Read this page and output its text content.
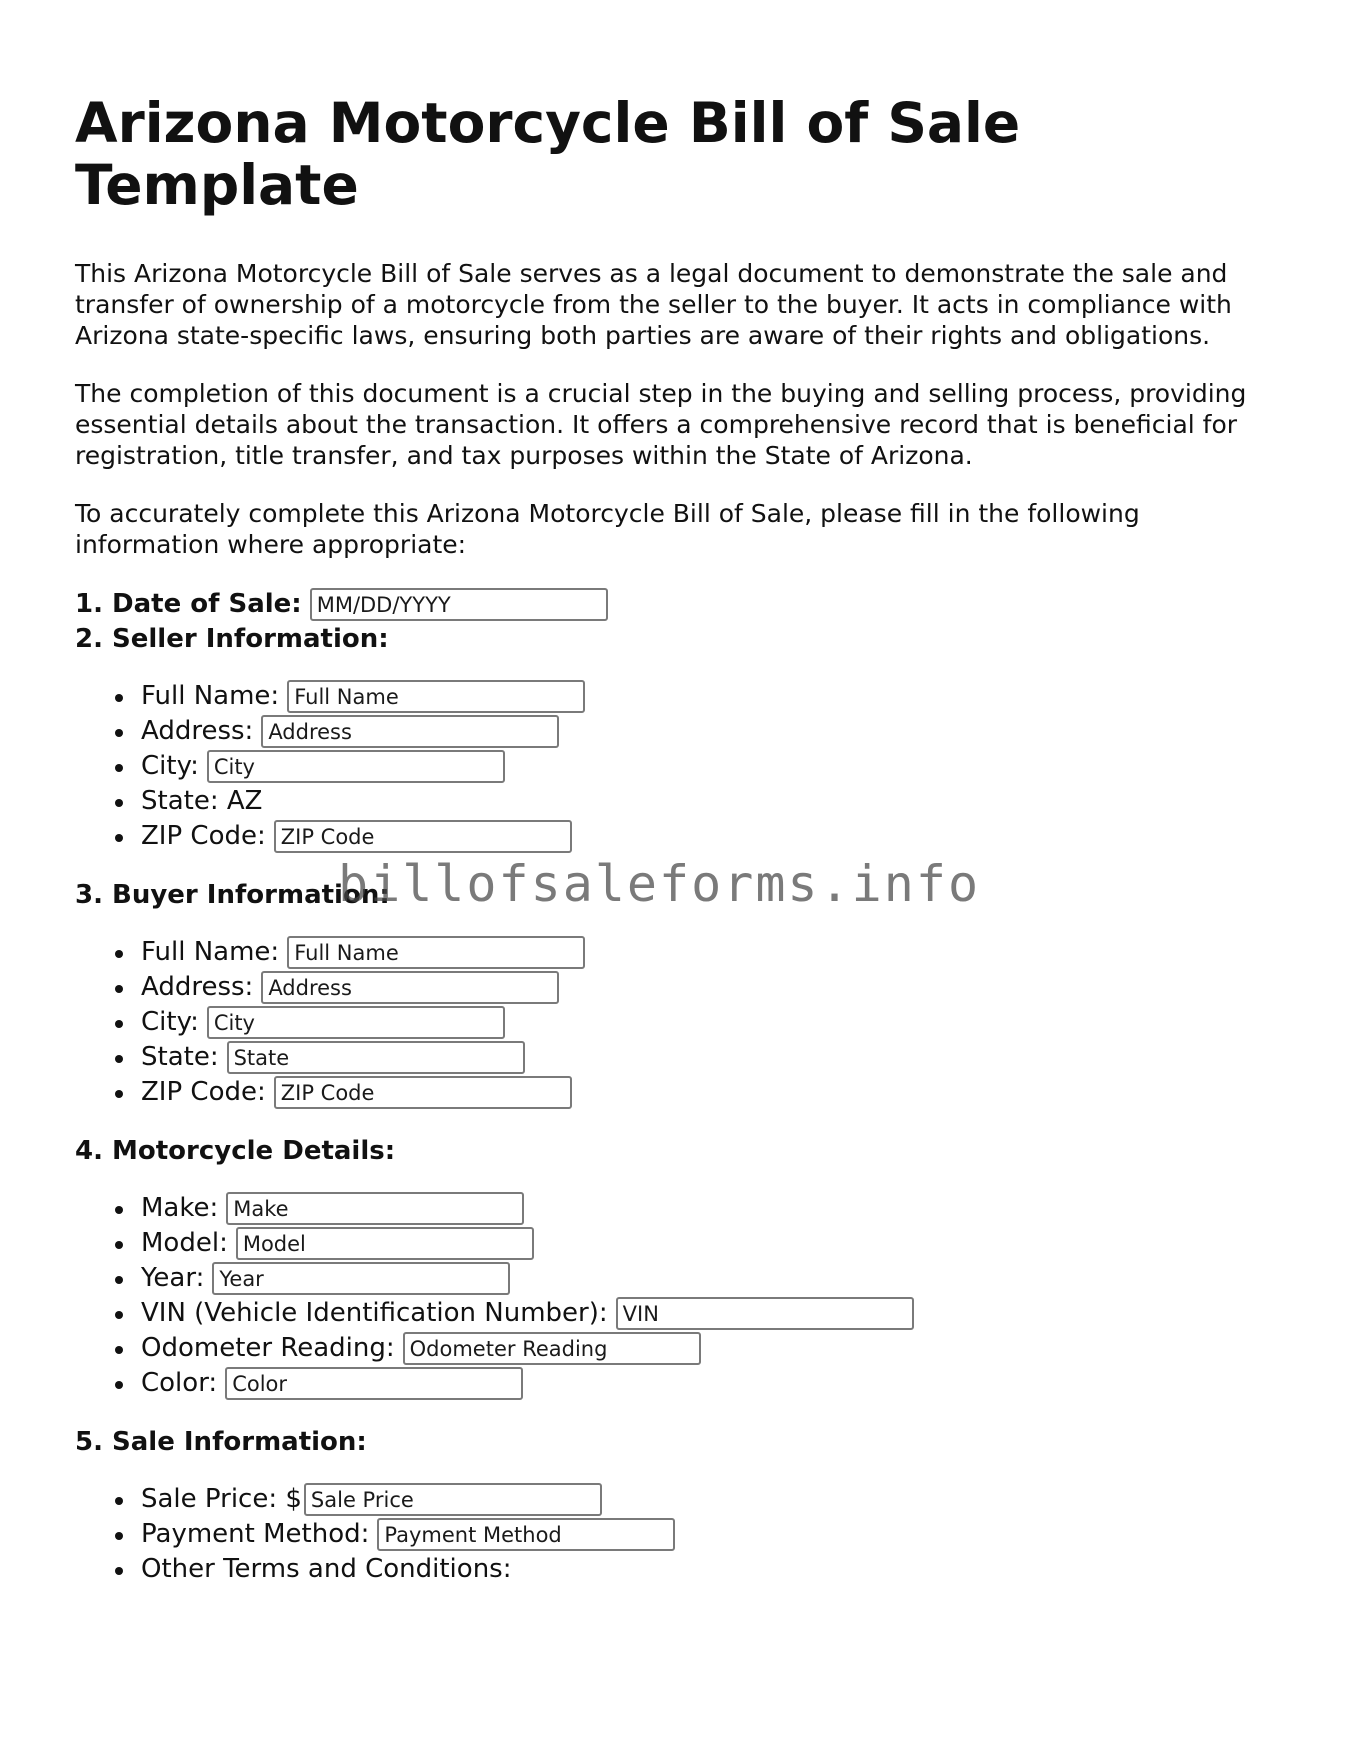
Arizona Motorcycle Bill of Sale Template

This Arizona Motorcycle Bill of Sale serves as a legal document to demonstrate the sale and transfer of ownership of a motorcycle from the seller to the buyer. It acts in compliance with Arizona state-specific laws, ensuring both parties are aware of their rights and obligations.

The completion of this document is a crucial step in the buying and selling process, providing essential details about the transaction. It offers a comprehensive record that is beneficial for registration, title transfer, and tax purposes within the State of Arizona.

To accurately complete this Arizona Motorcycle Bill of Sale, please fill in the following information where appropriate:

1. Date of Sale: MM/DD/YYYY
2. Seller Information:
Full Name: Full Name
Address: Address
City: City
State: AZ
ZIP Code: ZIP Code
3. Buyer Information:
Full Name: Full Name
Address: Address
City: City
State: State
ZIP Code: ZIP Code
4. Motorcycle Details:
Make: Make
Model: Model
Year: Year
VIN (Vehicle Identification Number): VIN
Odometer Reading: Odometer Reading
Color: Color
5. Sale Information:
Sale Price: $ Sale Price
Payment Method: Payment Method
Other Terms and Conditions:
billofsaleforms.info
